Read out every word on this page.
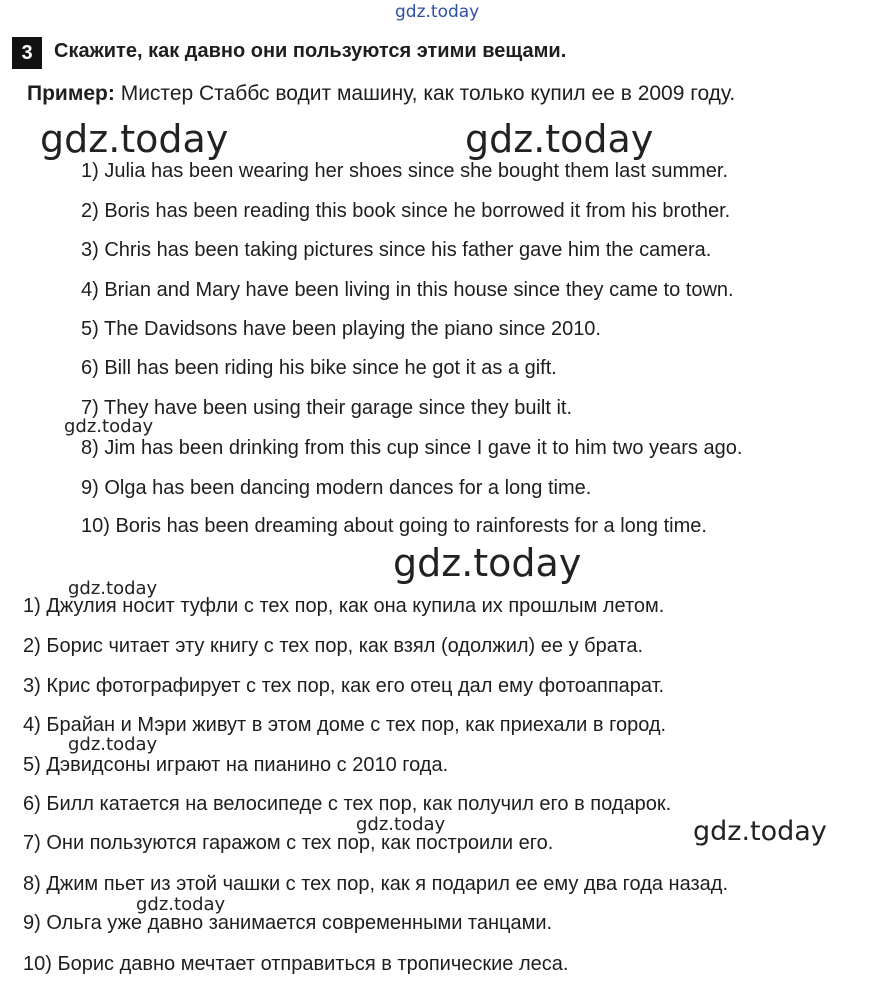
gdz.today
3	Скажите, как давно они пользуются этими вещами.
Пример: Мистер Стаббс водит машину, как только купил ее в 2009 году.
gdz.today	gdz.today
1) Julia has been wearing her shoes since she bought them last summer.
2) Boris has been reading this book since he borrowed it from his brother.
3) Chris has been taking pictures since his father gave him the camera.
4) Brian and Mary have been living in this house since they came to town.
5) The Davidsons have been playing the piano since 2010.
6) Bill has been riding his bike since he got it as a gift.
7) They have been using their garage since they built it.
gdz.today
8) Jim has been drinking from this cup since I gave it to him two years ago.
9) Olga has been dancing modern dances for a long time.
10) Boris has been dreaming about going to rainforests for a long time.
gdz.today
gdz.today
1) Джулия носит туфли с тех пор, как она купила их прошлым летом.
2) Борис читает эту книгу с тех пор, как взял (одолжил) ее у брата.
3) Крис фотографирует с тех пор, как его отец дал ему фотоаппарат.
4) Брайан и Мэри живут в этом доме с тех пор, как приехали в город.
gdz.today
5) Дэвидсоны играют на пианино с 2010 года.
6) Билл катается на велосипеде с тех пор, как получил его в подарок.
gdz.today	gdz.today
7) Они пользуются гаражом с тех пор, как построили его.
8) Джим пьет из этой чашки с тех пор, как я подарил ее ему два года назад.
gdz.today
9) Ольга уже давно занимается современными танцами.
10) Борис давно мечтает отправиться в тропические леса.
